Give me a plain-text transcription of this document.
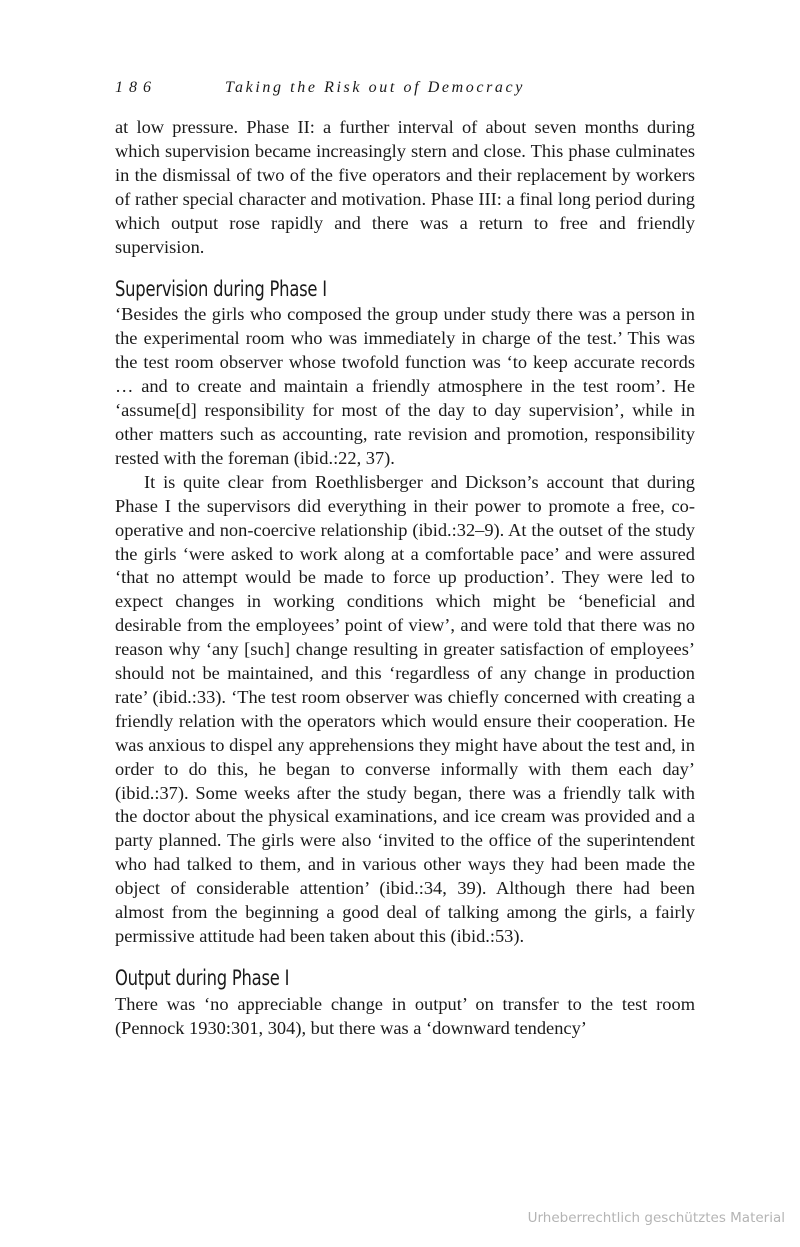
186	Taking the Risk out of Democracy

at low pressure. Phase II: a further interval of about seven months during which supervision became increasingly stern and close. This phase culminates in the dismissal of two of the five operators and their replacement by workers of rather special character and motivation. Phase III: a final long period during which output rose rapidly and there was a return to free and friendly supervision.

Supervision during Phase I

‘Besides the girls who composed the group under study there was a person in the experimental room who was immediately in charge of the test.’ This was the test room observer whose twofold function was ‘to keep accurate records … and to create and maintain a friendly atmosphere in the test room’. He ‘assume[d] responsibility for most of the day to day supervision’, while in other matters such as accounting, rate revision and promotion, responsibility rested with the foreman (ibid.:22, 37).

It is quite clear from Roethlisberger and Dickson’s account that during Phase I the supervisors did everything in their power to promote a free, co-operative and non-coercive relationship (ibid.:32–9). At the outset of the study the girls ‘were asked to work along at a comfortable pace’ and were assured ‘that no attempt would be made to force up production’. They were led to expect changes in working conditions which might be ‘beneficial and desirable from the employees’ point of view’, and were told that there was no reason why ‘any [such] change resulting in greater satisfaction of employees’ should not be maintained, and this ‘regardless of any change in production rate’ (ibid.:33). ‘The test room observer was chiefly concerned with creating a friendly relation with the operators which would ensure their cooperation. He was anxious to dispel any apprehensions they might have about the test and, in order to do this, he began to converse informally with them each day’ (ibid.:37). Some weeks after the study began, there was a friendly talk with the doctor about the physical examinations, and ice cream was provided and a party planned. The girls were also ‘invited to the office of the superintendent who had talked to them, and in various other ways they had been made the object of considerable attention’ (ibid.:34, 39). Although there had been almost from the beginning a good deal of talking among the girls, a fairly permissive attitude had been taken about this (ibid.:53).

Output during Phase I

There was ‘no appreciable change in output’ on transfer to the test room (Pennock 1930:301, 304), but there was a ‘downward tendency’

Urheberrechtlich geschütztes Material
